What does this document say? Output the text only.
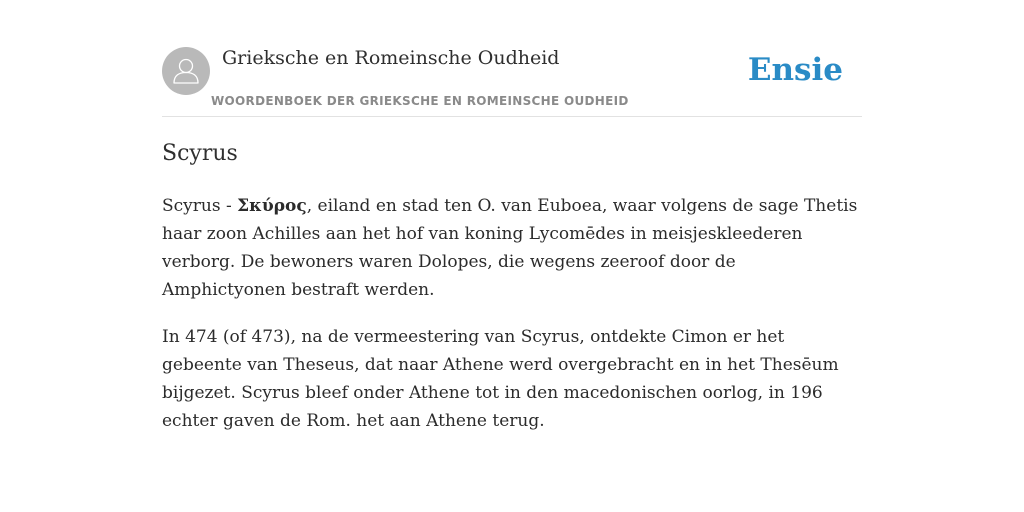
Grieksche en Romeinsche Oudheid
WOORDENBOEK DER GRIEKSCHE EN ROMEINSCHE OUDHEID
Ensie
Scyrus

Scyrus - Σκύρος, eiland en stad ten O. van Euboea, waar volgens de sage Thetis haar zoon Achilles aan het hof van koning Lycomēdes in meisjeskleederen verborg. De bewoners waren Dolopes, die wegens zeeroof door de Amphictyonen bestraft werden.

In 474 (of 473), na de vermeestering van Scyrus, ontdekte Cimon er het gebeente van Theseus, dat naar Athene werd overgebracht en in het Thesēum bijgezet. Scyrus bleef onder Athene tot in den macedonischen oorlog, in 196 echter gaven de Rom. het aan Athene terug.
